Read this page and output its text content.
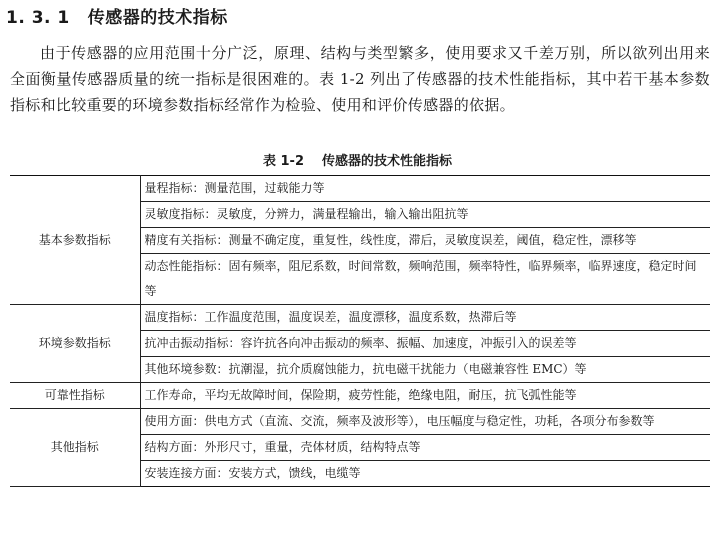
1. 3. 1 传感器的技术指标

由于传感器的应用范围十分广泛，原理、结构与类型繁多，使用要求又千差万别，所以欲列出用来全面衡量传感器质量的统一指标是很困难的。表 1-2 列出了传感器的技术性能指标，其中若干基本参数指标和比较重要的环境参数指标经常作为检验、使用和评价传感器的依据。

表 1-2 传感器的技术性能指标
基本参数指标	量程指标：测量范围，过载能力等
	灵敏度指标：灵敏度，分辨力，满量程输出，输入输出阻抗等
	精度有关指标：测量不确定度，重复性，线性度，滞后，灵敏度误差，阈值，稳定性，漂移等
	动态性能指标：固有频率，阻尼系数，时间常数，频响范围，频率特性，临界频率，临界速度，稳定时间等
环境参数指标	温度指标：工作温度范围，温度误差，温度漂移，温度系数，热滞后等
	抗冲击振动指标：容许抗各向冲击振动的频率、振幅、加速度，冲振引入的误差等
	其他环境参数：抗潮湿，抗介质腐蚀能力，抗电磁干扰能力（电磁兼容性 EMC）等
可靠性指标	工作寿命，平均无故障时间，保险期，疲劳性能，绝缘电阻，耐压，抗飞弧性能等
其他指标	使用方面：供电方式（直流、交流，频率及波形等），电压幅度与稳定性，功耗，各项分布参数等
	结构方面：外形尺寸，重量，壳体材质，结构特点等
	安装连接方面：安装方式，馈线，电缆等
